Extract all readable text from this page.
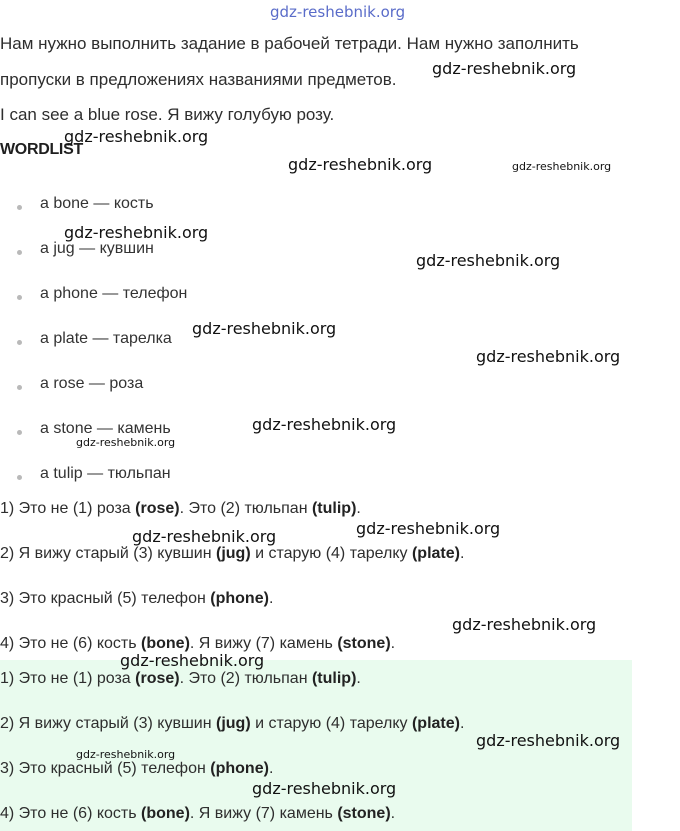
gdz-reshebnik.org
Нам нужно выполнить задание в рабочей тетради. Нам нужно заполнить
пропуски в предложениях названиями предметов.
I can see a blue rose. Я вижу голубую розу.
WORDLIST
a bone — кость
a jug — кувшин
a phone — телефон
a plate — тарелка
a rose — роза
a stone — камень
a tulip — тюльпан
1) Это не (1) роза (rose). Это (2) тюльпан (tulip).
2) Я вижу старый (3) кувшин (jug) и старую (4) тарелку (plate).
3) Это красный (5) телефон (phone).
4) Это не (6) кость (bone). Я вижу (7) камень (stone).
1) Это не (1) роза (rose). Это (2) тюльпан (tulip).
2) Я вижу старый (3) кувшин (jug) и старую (4) тарелку (plate).
3) Это красный (5) телефон (phone).
4) Это не (6) кость (bone). Я вижу (7) камень (stone).
gdz-reshebnik.org
gdz-reshebnik.org
gdz-reshebnik.org	gdz-reshebnik.org
gdz-reshebnik.org
gdz-reshebnik.org
gdz-reshebnik.org
gdz-reshebnik.org
gdz-reshebnik.org
gdz-reshebnik.org
gdz-reshebnik.org	gdz-reshebnik.org
gdz-reshebnik.org
gdz-reshebnik.org
gdz-reshebnik.org
gdz-reshebnik.org
gdz-reshebnik.org
